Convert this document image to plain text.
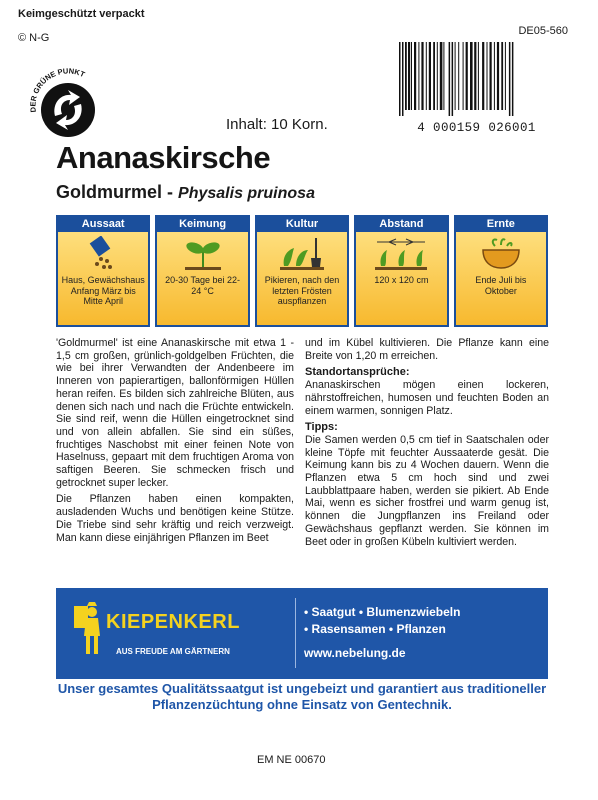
Keimgeschützt verpackt
© N-G
DE05-560
DER GRÜNE PUNKT
4 000159 026001
Inhalt: 10 Korn.
Ananaskirsche
Goldmurmel - Physalis pruinosa
Aussaat
Haus, Gewächshaus Anfang März bis Mitte April
Keimung
20-30 Tage bei 22-24 °C
Kultur
Pikieren, nach den letzten Frösten auspflanzen
Abstand
120 x 120 cm
Ernte
Ende Juli bis Oktober

'Goldmurmel' ist eine Ananaskirsche mit etwa 1 - 1,5 cm großen, grünlich-goldgelben Früchten, die wie bei ihrer Verwandten der Andenbeere im Inneren von papierartigen, ballonförmigen Hüllen heran reifen. Es bilden sich zahlreiche Blüten, aus denen sich nach und nach die Früchte entwickeln. Sie sind reif, wenn die Hüllen eingetrocknet sind und von allein abfallen. Sie sind ein süßes, fruchtiges Naschobst mit einer feinen Note von Haselnuss, gepaart mit dem fruchtigen Aroma von saftigen Beeren. Sie schmecken frisch und getrocknet super lecker.

Die Pflanzen haben einen kompakten, ausladenden Wuchs und benötigen keine Stütze. Die Triebe sind sehr kräftig und reich verzweigt. Man kann diese einjährigen Pflanzen im Beet

und im Kübel kultivieren. Die Pflanze kann eine Breite von 1,20 m erreichen.

Standortansprüche:

Ananaskirschen mögen einen lockeren, nährstoffreichen, humosen und feuchten Boden an einem warmen, sonnigen Platz.

Tipps:

Die Samen werden 0,5 cm tief in Saatschalen oder kleine Töpfe mit feuchter Aussaaterde gesät. Die Keimung kann bis zu 4 Wochen dauern. Wenn die Pflanzen etwa 5 cm hoch sind und zwei Laubblattpaare haben, werden sie pikiert. Ab Ende Mai, wenn es sicher frostfrei und warm genug ist, können die Jungpflanzen ins Freiland oder Gewächshaus gepflanzt werden. Sie können im Beet oder in großen Kübeln kultiviert werden.

KIEPENKERL
AUS FREUDE AM GÄRTNERN
• Saatgut • Blumenzwiebeln
• Rasensamen • Pflanzen
www.nebelung.de
Unser gesamtes Qualitätssaatgut ist ungebeizt und garantiert aus traditioneller Pflanzenzüchtung ohne Einsatz von Gentechnik.
EM NE 00670
